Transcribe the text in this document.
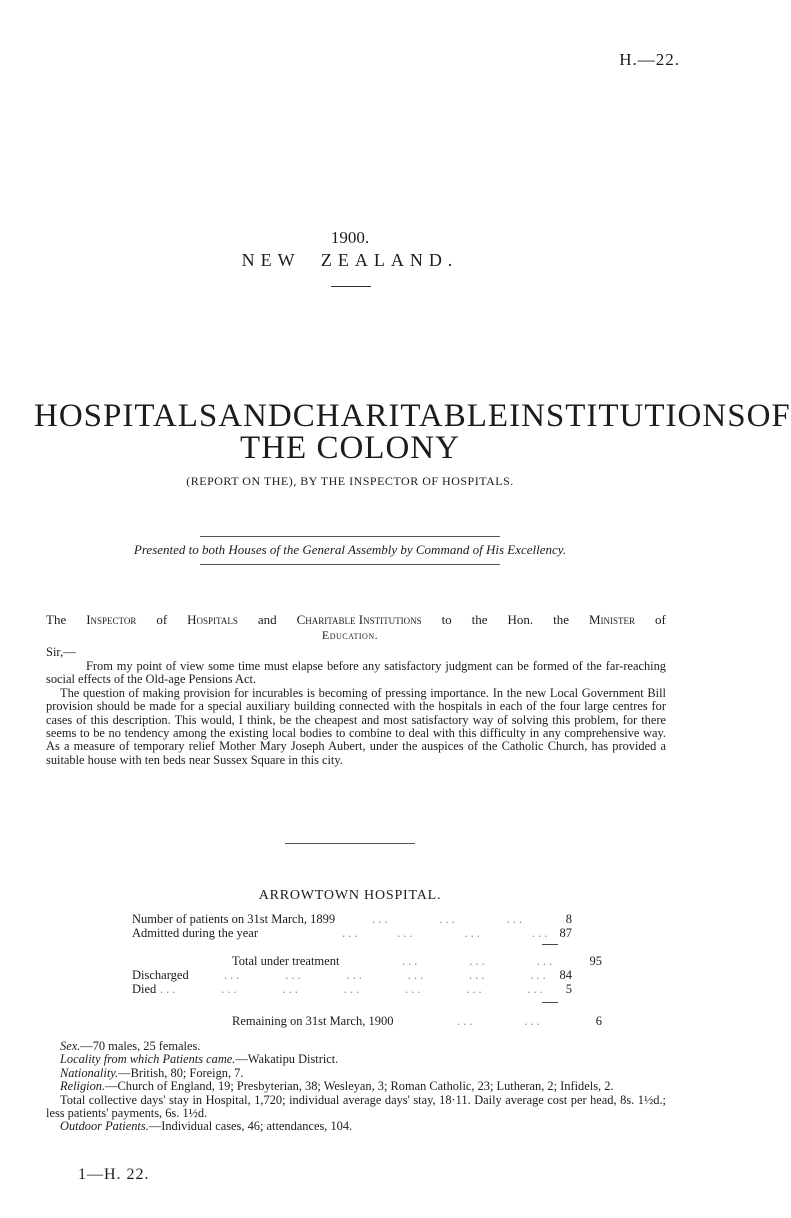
H.—22.
1900.
NEW ZEALAND.
HOSPITALS AND CHARITABLE INSTITUTIONS OF
THE COLONY
(REPORT ON THE), BY THE INSPECTOR OF HOSPITALS.
Presented to both Houses of the General Assembly by Command of His Excellency.
The Inspector of Hospitals and Charitable Institutions to the Hon. the Minister of
Education.
Sir,—

From my point of view some time must elapse before any satisfactory judgment can be formed of the far-reaching social effects of the Old-age Pensions Act.

The question of making provision for incurables is becoming of pressing importance. In the new Local Government Bill provision should be made for a special auxiliary building connected with the hospitals in each of the four large centres for cases of this description. This would, I think, be the cheapest and most satisfactory way of solving this problem, for there seems to be no tendency among the existing local bodies to combine to deal with this difficulty in any comprehensive way. As a measure of temporary relief Mother Mary Joseph Aubert, under the auspices of the Catholic Church, has provided a suitable house with ten beds near Sussex Square in this city.

ARROWTOWN HOSPITAL.
Number of patients on 31st March, 1899	...        ...        ...	8
Admitted during the year	...      ...        ...        ... 87
Total under treatment	...        ...        ...	95
Discharged	...       ...       ...       ...       ...       ... 84
Died ...       ...       ...       ...       ...       ...       ... 5
Remaining on 31st March, 1900	...        ...	6

Sex.—70 males, 25 females.

Locality from which Patients came.—Wakatipu District.

Nationality.—British, 80; Foreign, 7.

Religion.—Church of England, 19; Presbyterian, 38; Wesleyan, 3; Roman Catholic, 23; Lutheran, 2; Infidels, 2.

Total collective days' stay in Hospital, 1,720; individual average days' stay, 18·11. Daily average cost per head, 8s. 1½d.; less patients' payments, 6s. 1½d.

Outdoor Patients.—Individual cases, 46; attendances, 104.

1—H. 22.
